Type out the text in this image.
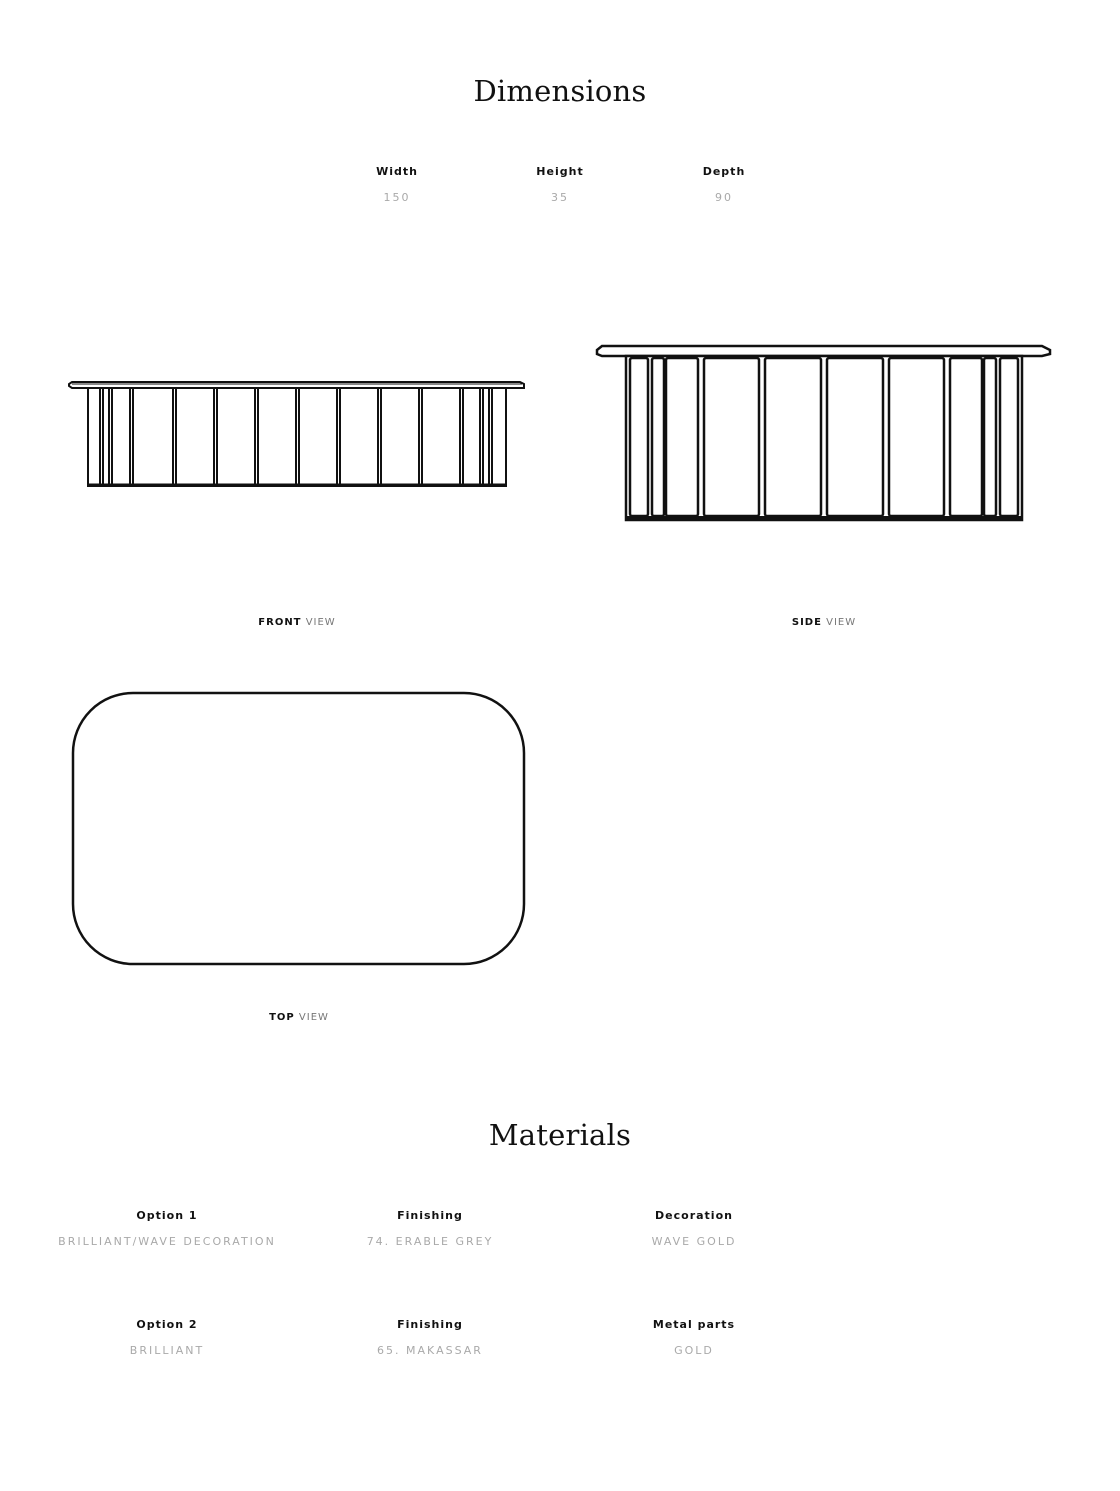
Dimensions
Width
150
Height
35
Depth
90
FRONT VIEW	SIDE VIEW
TOP VIEW
Materials
Option 1
BRILLIANT/WAVE DECORATION
Finishing
74. ERABLE GREY
Decoration
WAVE GOLD
Option 2
BRILLIANT
Finishing
65. MAKASSAR
Metal parts
GOLD
